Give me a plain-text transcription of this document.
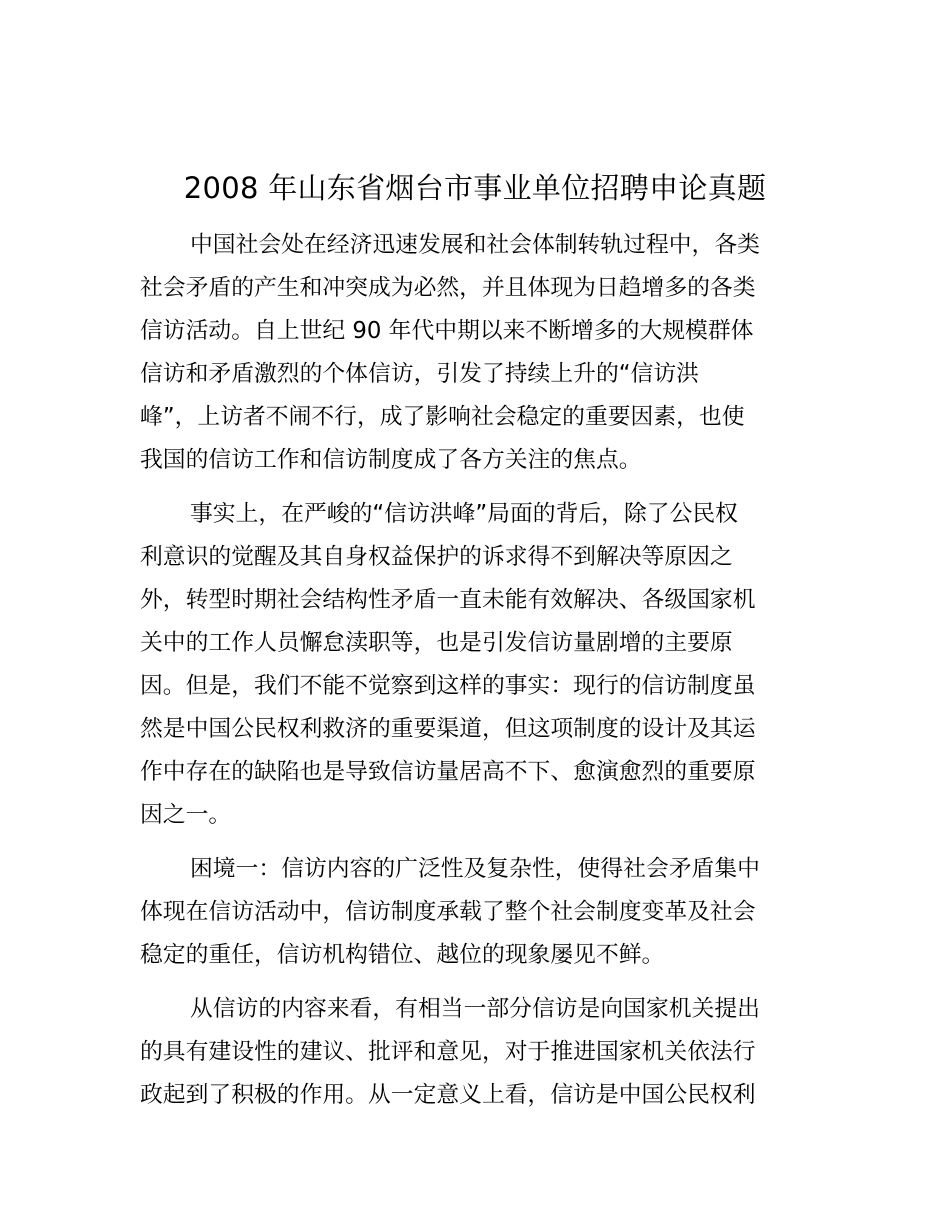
2008 年山东省烟台市事业单位招聘申论真题
中国社会处在经济迅速发展和社会体制转轨过程中，各类
社会矛盾的产生和冲突成为必然，并且体现为日趋增多的各类
信访活动。自上世纪 90 年代中期以来不断增多的大规模群体
信访和矛盾激烈的个体信访，引发了持续上升的“信访洪
峰”，上访者不闹不行，成了影响社会稳定的重要因素，也使
我国的信访工作和信访制度成了各方关注的焦点。
事实上，在严峻的“信访洪峰”局面的背后，除了公民权
利意识的觉醒及其自身权益保护的诉求得不到解决等原因之
外，转型时期社会结构性矛盾一直未能有效解决、各级国家机
关中的工作人员懈怠渎职等，也是引发信访量剧增的主要原
因。但是，我们不能不觉察到这样的事实：现行的信访制度虽
然是中国公民权利救济的重要渠道，但这项制度的设计及其运
作中存在的缺陷也是导致信访量居高不下、愈演愈烈的重要原
因之一。
困境一：信访内容的广泛性及复杂性，使得社会矛盾集中
体现在信访活动中，信访制度承载了整个社会制度变革及社会
稳定的重任，信访机构错位、越位的现象屡见不鲜。
从信访的内容来看，有相当一部分信访是向国家机关提出
的具有建设性的建议、批评和意见，对于推进国家机关依法行
政起到了积极的作用。从一定意义上看，信访是中国公民权利
